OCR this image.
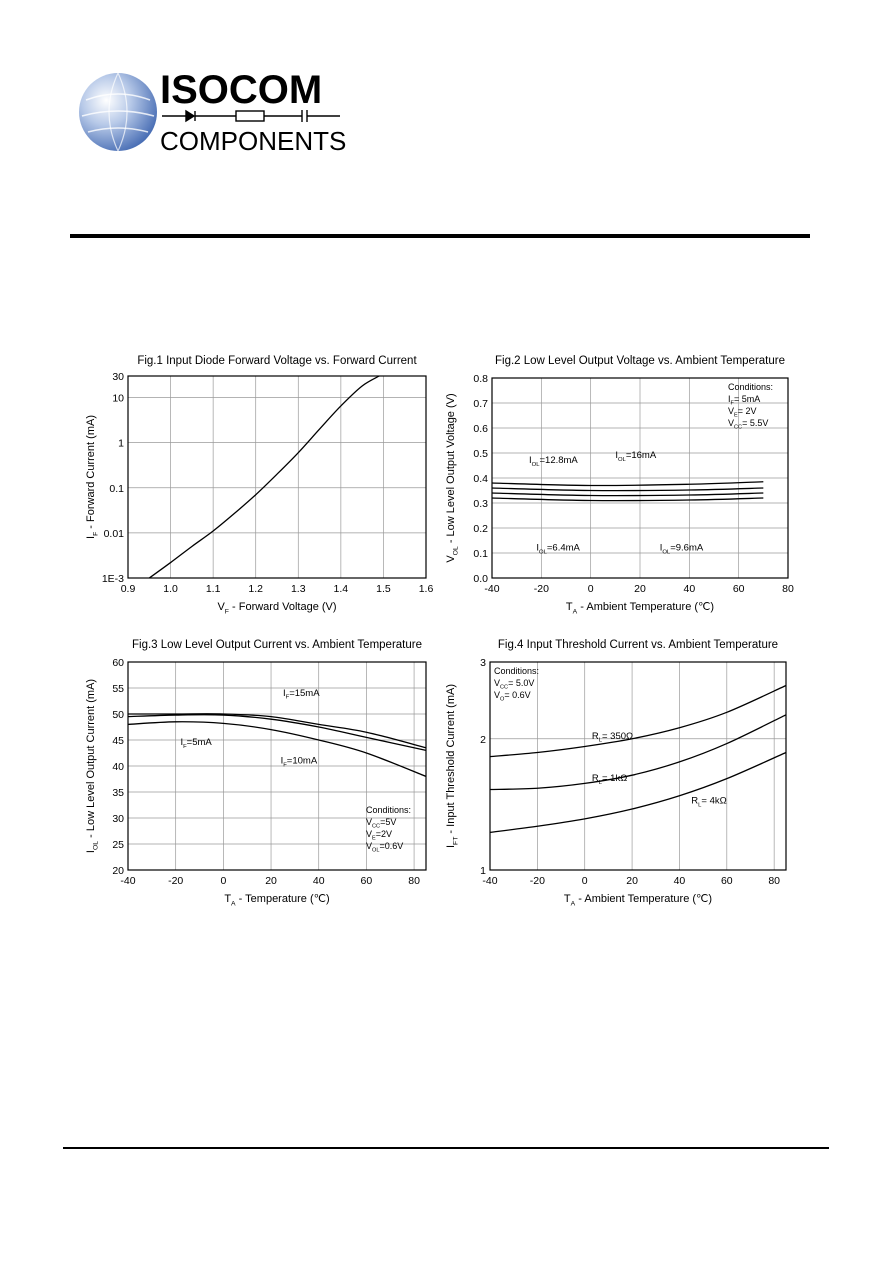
ISOCOM
COMPONENTS
Fig.1 Input Diode Forward Voltage vs. Forward Current
0.9	1.0	1.1	1.2	1.3	1.4	1.5	1.6
1E-3
0.01
0.1
1
10
30
$V_F$ - Forward Voltage (V)
$I_F$ - Forward Current (mA)
Fig.2 Low Level Output Voltage vs. Ambient Temperature
-40	-20	0	20	40	60	80
0.0
0.1
0.2
0.3
0.4
0.5
0.6
0.7
0.8
$T_A$ - Ambient Temperature (℃)
$V_{OL}$ - Low Level Output Voltage (V)	$I_{OL}=12.8mA$	$I_{OL}=16mA$
$I_{OL}=6.4mA$	$I_{OL}=9.6mA$
Conditions:
$I_F= 5mA$
$V_E= 2V$
$V_{CC}= 5.5V$
Fig.3 Low Level Output Current vs. Ambient Temperature
-40	-20	0	20	40	60	80
20
25
30
35
40
45
50
55
60
$T_A$ - Temperature (℃)
$I_{OL}$ - Low Level Output Current (mA)	$I_F=15mA$
$I_F=5mA$
$I_F=10mA$
Conditions:
$V_{CC}=5V$
$V_E=2V$
$V_{OL}=0.6V$
Fig.4 Input Threshold Current vs. Ambient Temperature
-40	-20	0	20	40	60	80
1
2
3
$T_A$ - Ambient Temperature (℃)
$I_{FT}$ - Input Threshold Current (mA)	$R_L= 350\Omega$
$R_L= 1k\Omega$
$R_L= 4k\Omega$
Conditions:
$V_{CC}= 5.0V$
$V_O= 0.6V$
